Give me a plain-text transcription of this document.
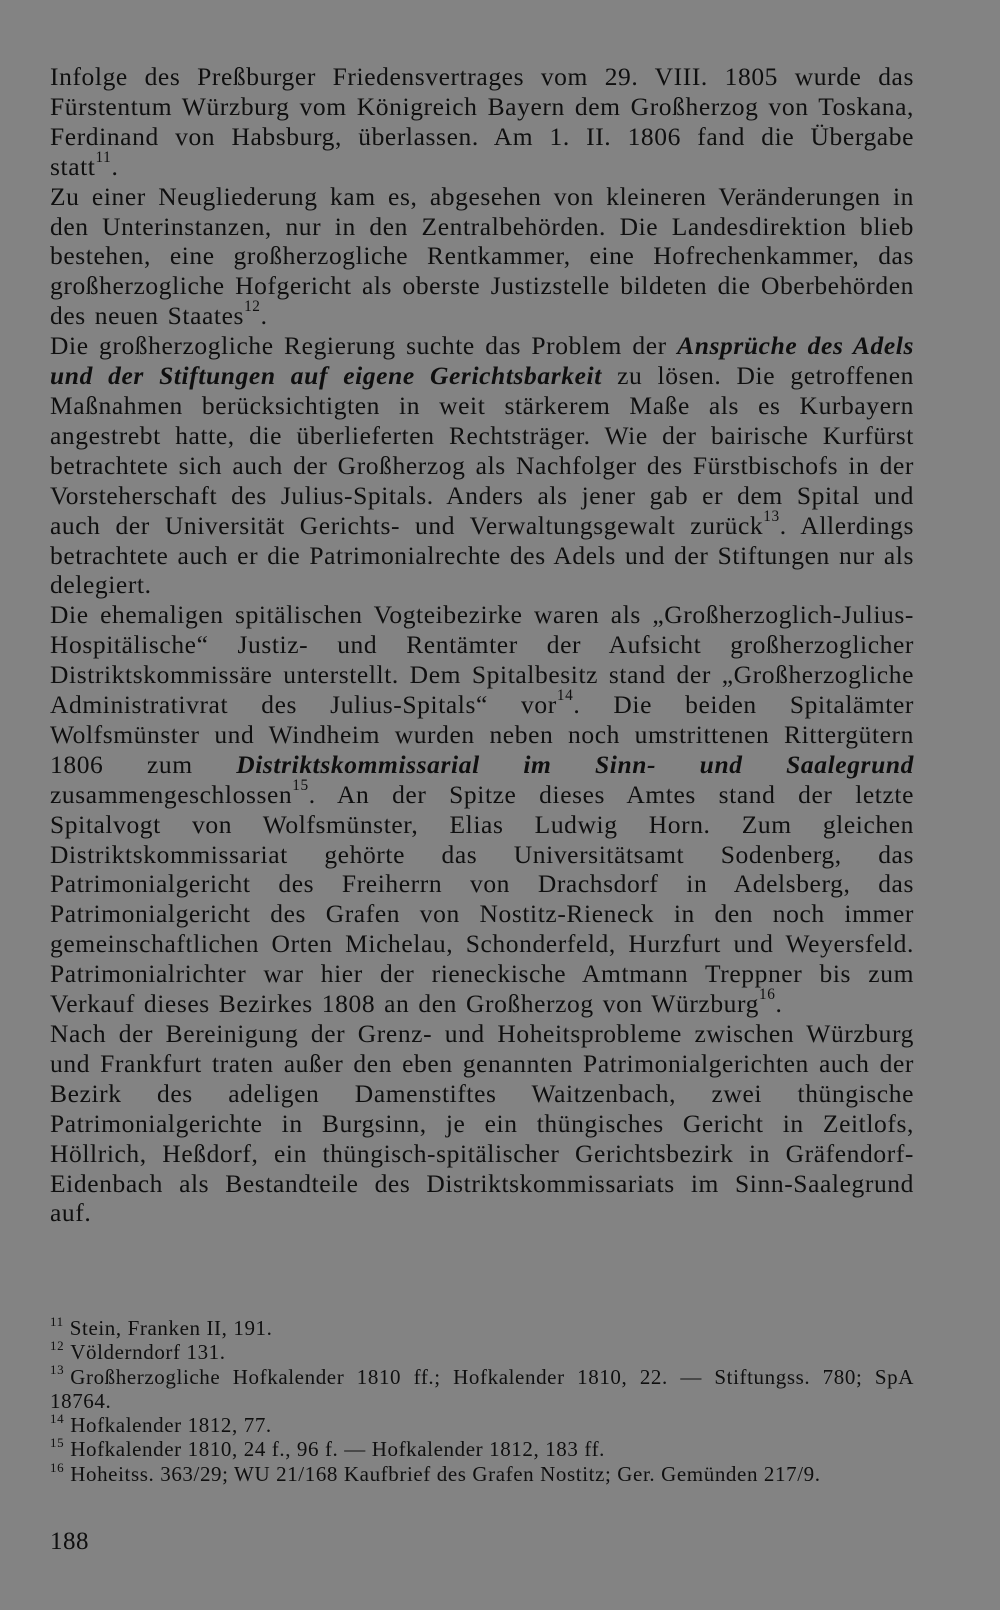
Infolge des Preßburger Friedensvertrages vom 29. VIII. 1805 wurde das Fürstentum Würzburg vom Königreich Bayern dem Großherzog von Toskana, Ferdinand von Habsburg, überlassen. Am 1. II. 1806 fand die Übergabe statt$^{11}$.

Zu einer Neugliederung kam es, abgesehen von kleineren Veränderungen in den Unterinstanzen, nur in den Zentralbehörden. Die Landesdirektion blieb bestehen, eine großherzogliche Rentkammer, eine Hofrechenkammer, das großherzogliche Hofgericht als oberste Justizstelle bildeten die Oberbehörden des neuen Staates$^{12}$.

Die großherzogliche Regierung suchte das Problem der Ansprüche des Adels und der Stiftungen auf eigene Gerichtsbarkeit zu lösen. Die getroffenen Maßnahmen berücksichtigten in weit stärkerem Maße als es Kurbayern angestrebt hatte, die überlieferten Rechtsträger. Wie der bairische Kurfürst betrachtete sich auch der Großherzog als Nachfolger des Fürstbischofs in der Vorsteherschaft des Julius-Spitals. Anders als jener gab er dem Spital und auch der Universität Gerichts- und Verwaltungsgewalt zurück$^{13}$. Allerdings betrachtete auch er die Patrimonialrechte des Adels und der Stiftungen nur als delegiert.

Die ehemaligen spitälischen Vogteibezirke waren als „Großherzoglich-Julius-Hospitälische“ Justiz- und Rentämter der Aufsicht großherzoglicher Distriktskommissäre unterstellt. Dem Spitalbesitz stand der „Großherzogliche Administrativrat des Julius-Spitals“ vor$^{14}$. Die beiden Spitalämter Wolfsmünster und Windheim wurden neben noch umstrittenen Rittergütern 1806 zum Distriktskommissarial im Sinn- und Saalegrund zusammengeschlossen$^{15}$. An der Spitze dieses Amtes stand der letzte Spitalvogt von Wolfsmünster, Elias Ludwig Horn. Zum gleichen Distriktskommissariat gehörte das Universitätsamt Sodenberg, das Patrimonialgericht des Freiherrn von Drachsdorf in Adelsberg, das Patrimonialgericht des Grafen von Nostitz-Rieneck in den noch immer gemeinschaftlichen Orten Michelau, Schonderfeld, Hurzfurt und Weyersfeld. Patrimonialrichter war hier der rieneckische Amtmann Treppner bis zum Verkauf dieses Bezirkes 1808 an den Großherzog von Würzburg$^{16}$.

Nach der Bereinigung der Grenz- und Hoheitsprobleme zwischen Würzburg und Frankfurt traten außer den eben genannten Patrimonialgerichten auch der Bezirk des adeligen Damenstiftes Waitzenbach, zwei thüngische Patrimonialgerichte in Burgsinn, je ein thüngisches Gericht in Zeitlofs, Höllrich, Heßdorf, ein thüngisch-spitälischer Gerichtsbezirk in Gräfendorf-Eidenbach als Bestandteile des Distriktskommissariats im Sinn-Saalegrund auf.

$^{11}$ Stein, Franken II, 191.

$^{12}$ Völderndorf 131.

$^{13}$ Großherzogliche Hofkalender 1810 ff.; Hofkalender 1810, 22. — Stiftungss. 780; SpA 18764.

$^{14}$ Hofkalender 1812, 77.

$^{15}$ Hofkalender 1810, 24 f., 96 f. — Hofkalender 1812, 183 ff.

$^{16}$ Hoheitss. 363/29; WU 21/168 Kaufbrief des Grafen Nostitz; Ger. Gemünden 217/9.

188
